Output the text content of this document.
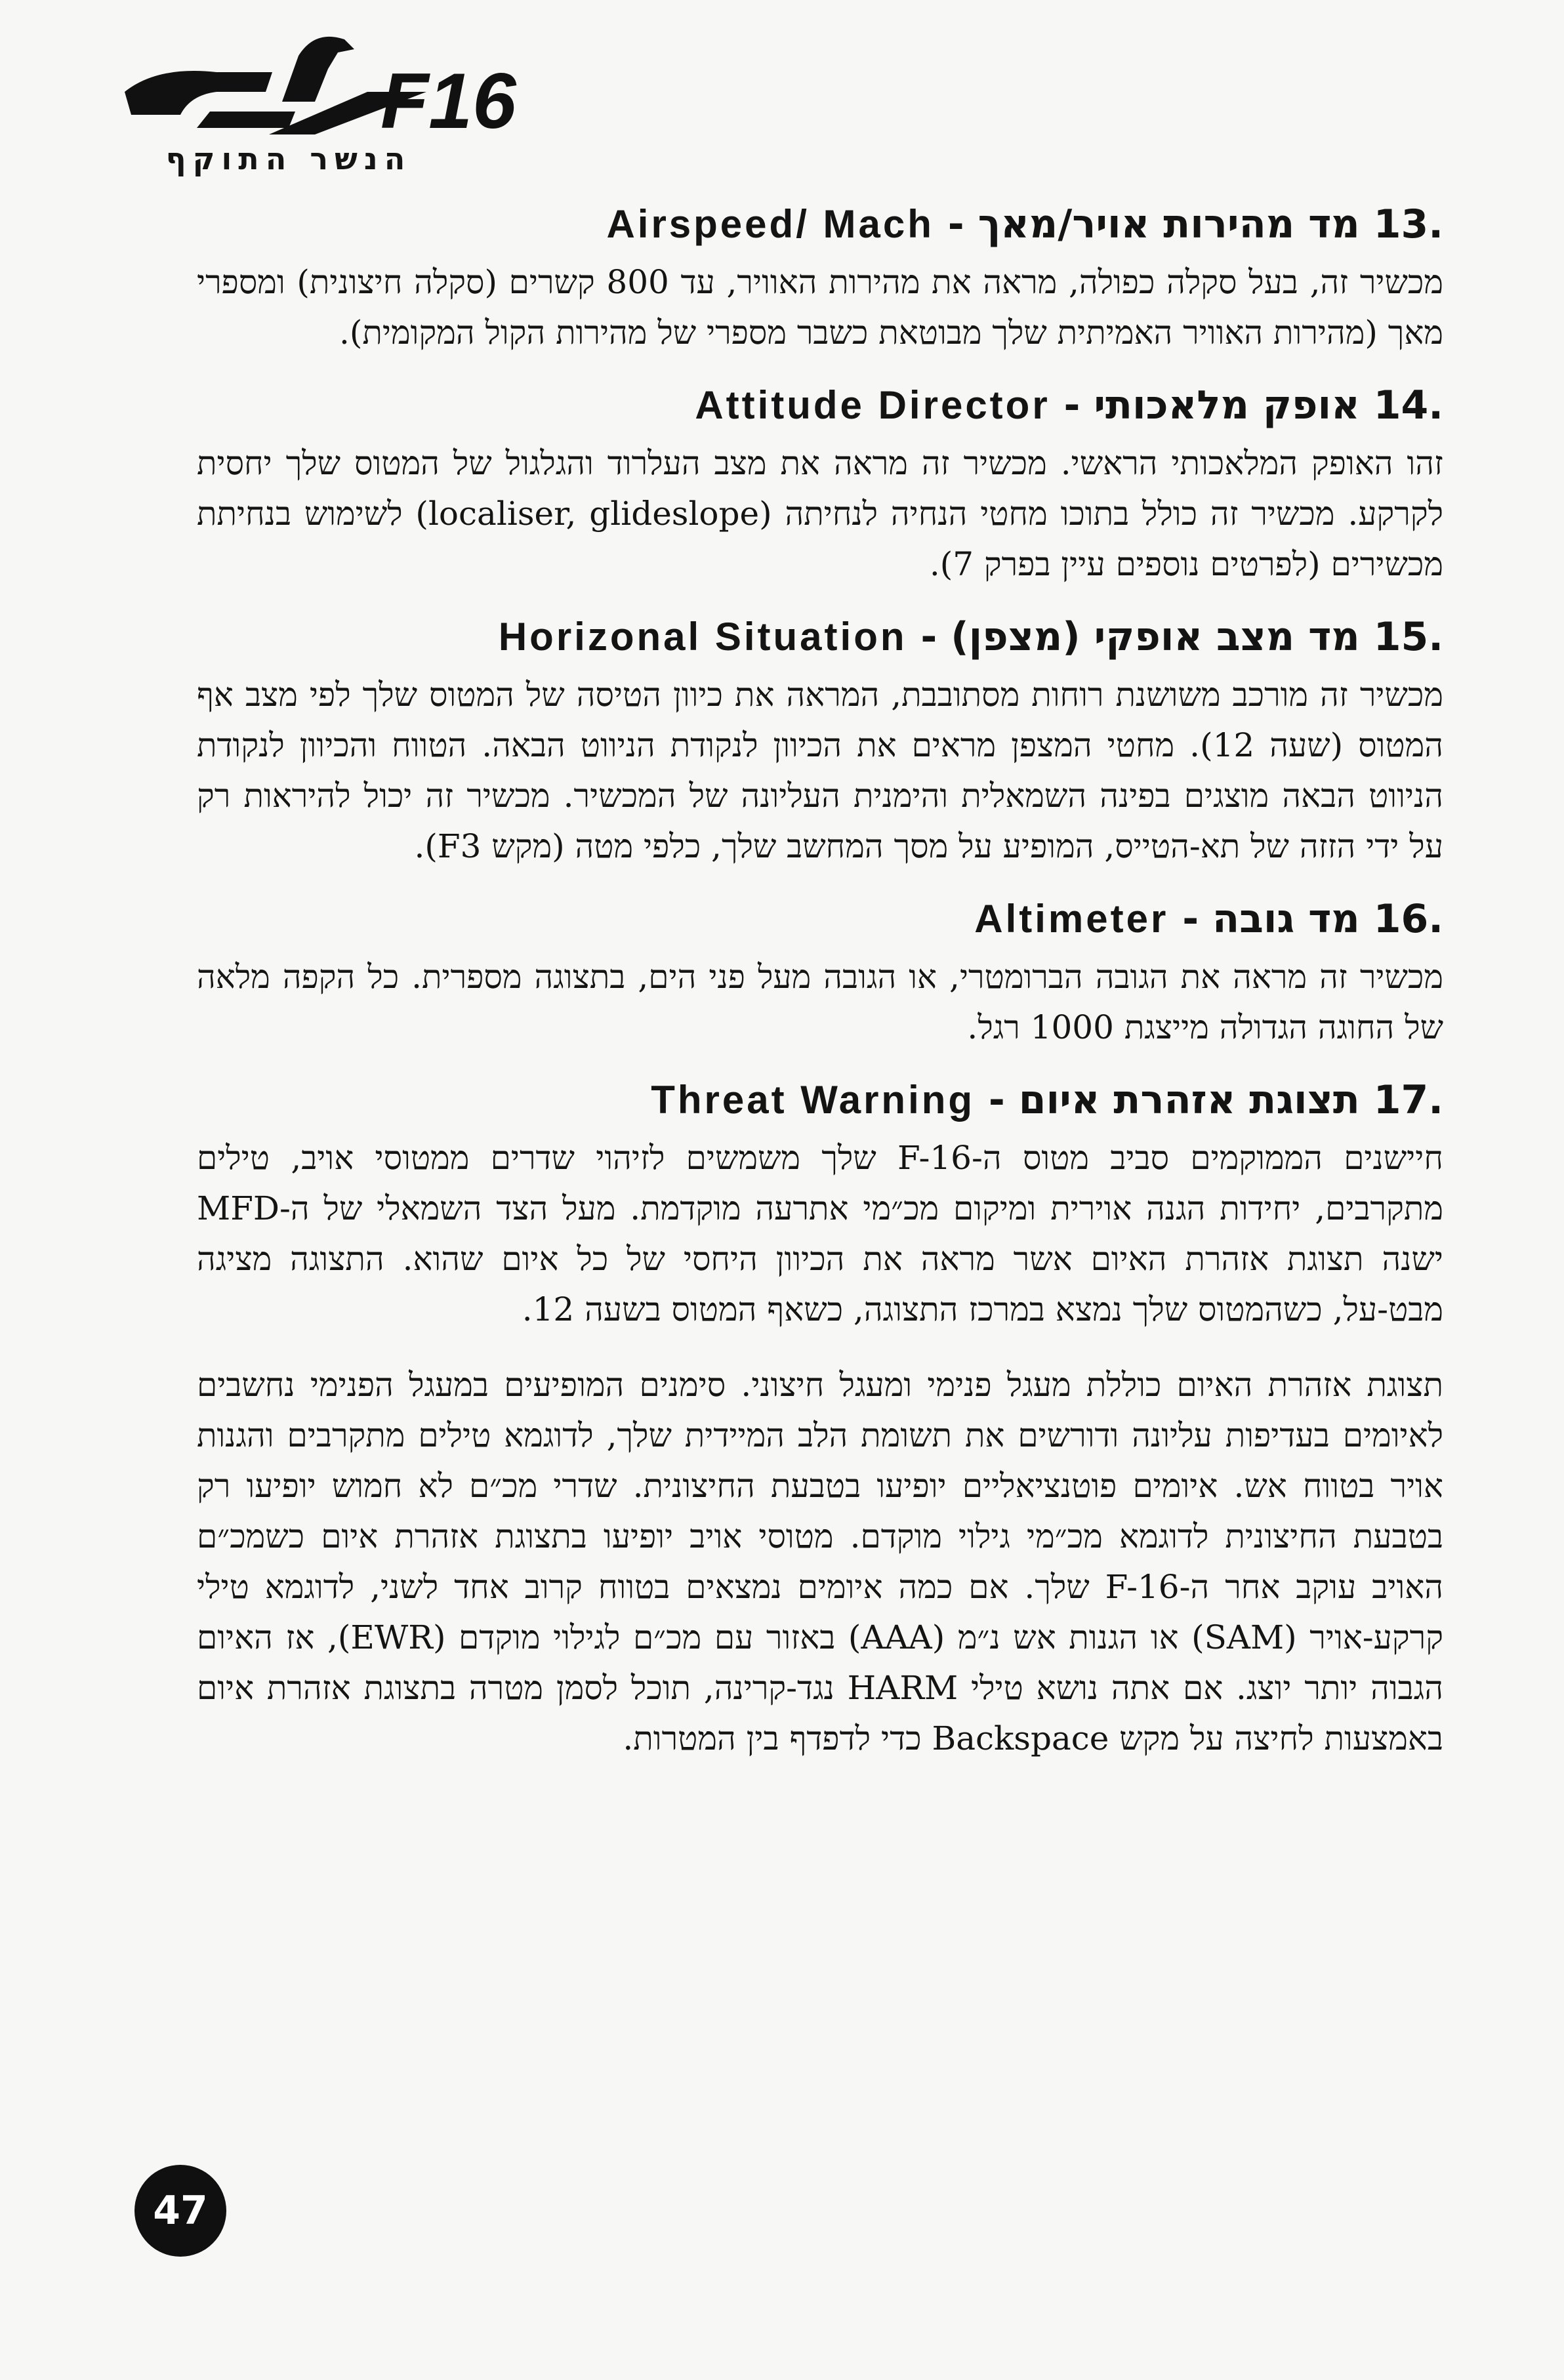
F16
הנשר התוקף
.13 מד מהירות אויר/מאך - Airspeed/ Mach

מכשיר זה, בעל סקלה כפולה, מראה את מהירות האוויר, עד 800 קשרים (סקלה חיצונית) ומספרי מאך (מהירות האוויר האמיתית שלך מבוטאת כשבר מספרי של מהירות הקול המקומית).

.14 אופק מלאכותי - Attitude Director

זהו האופק המלאכותי הראשי. מכשיר זה מראה את מצב העלרוד והגלגול של המטוס שלך יחסית לקרקע. מכשיר זה כולל בתוכו מחטי הנחיה לנחיתה (localiser, glideslope) לשימוש בנחיתת מכשירים (לפרטים נוספים עיין בפרק 7).

.15 מד מצב אופקי (מצפן) - Horizonal Situation

מכשיר זה מורכב משושנת רוחות מסתובבת, המראה את כיוון הטיסה של המטוס שלך לפי מצב אף המטוס (שעה 12). מחטי המצפן מראים את הכיוון לנקודת הניווט הבאה. הטווח והכיוון לנקודת הניווט הבאה מוצגים בפינה השמאלית והימנית העליונה של המכשיר. מכשיר זה יכול להיראות רק על ידי הזזה של תא-הטייס, המופיע על מסך המחשב שלך, כלפי מטה (מקש F3).

.16 מד גובה - Altimeter

מכשיר זה מראה את הגובה הברומטרי, או הגובה מעל פני הים, בתצוגה מספרית. כל הקפה מלאה של החוגה הגדולה מייצגת 1000 רגל.

.17 תצוגת אזהרת איום - Threat Warning

חיישנים הממוקמים סביב מטוס ה-F-16 שלך משמשים לזיהוי שדרים ממטוסי אויב, טילים מתקרבים, יחידות הגנה אוירית ומיקום מכ״מי אתרעה מוקדמת. מעל הצד השמאלי של ה-MFD ישנה תצוגת אזהרת האיום אשר מראה את הכיוון היחסי של כל איום שהוא. התצוגה מציגה מבט-על, כשהמטוס שלך נמצא במרכז התצוגה, כשאף המטוס בשעה 12.

תצוגת אזהרת האיום כוללת מעגל פנימי ומעגל חיצוני. סימנים המופיעים במעגל הפנימי נחשבים לאיומים בעדיפות עליונה ודורשים את תשומת הלב המיידית שלך, לדוגמא טילים מתקרבים והגנות אויר בטווח אש. איומים פוטנציאליים יופיעו בטבעת החיצונית. שדרי מכ״ם לא חמוש יופיעו רק בטבעת החיצונית לדוגמא מכ״מי גילוי מוקדם. מטוסי אויב יופיעו בתצוגת אזהרת איום כשמכ״ם האויב עוקב אחר ה-F-16 שלך. אם כמה איומים נמצאים בטווח קרוב אחד לשני, לדוגמא טילי קרקע-אויר (SAM) או הגנות אש נ״מ (AAA) באזור עם מכ״ם לגילוי מוקדם (EWR), אז האיום הגבוה יותר יוצג. אם אתה נושא טילי HARM נגד-קרינה, תוכל לסמן מטרה בתצוגת אזהרת איום באמצעות לחיצה על מקש Backspace כדי לדפדף בין המטרות.

47
